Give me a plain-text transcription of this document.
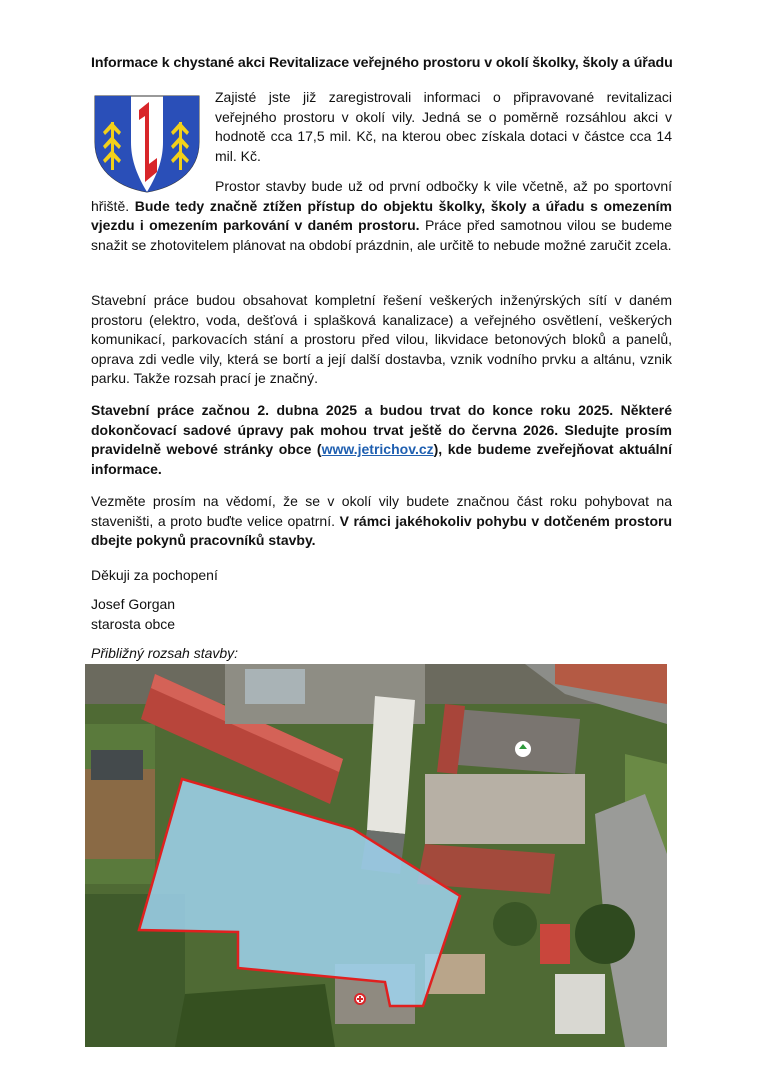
Informace k chystané akci Revitalizace veřejného prostoru v okolí školky, školy a úřadu

Zajisté jste již zaregistrovali informaci o připravované revitalizaci veřejného prostoru v okolí vily. Jedná se o poměrně rozsáhlou akci v hodnotě cca 17,5 mil. Kč, na kterou obec získala dotaci v částce cca 14 mil. Kč.

Prostor stavby bude už od první odbočky k vile včetně, až po sportovní hřiště. Bude tedy značně ztížen přístup do objektu školky, školy a úřadu s omezením vjezdu i omezením parkování v daném prostoru. Práce před samotnou vilou se budeme snažit se zhotovitelem plánovat na období prázdnin, ale určitě to nebude možné zaručit zcela.

Stavební práce budou obsahovat kompletní řešení veškerých inženýrských sítí v daném prostoru (elektro, voda, dešťová i splašková kanalizace) a veřejného osvětlení, veškerých komunikací, parkovacích stání a prostoru před vilou, likvidace betonových bloků a panelů, oprava zdi vedle vily, která se bortí a její další dostavba, vznik vodního prvku a altánu, vznik parku. Takže rozsah prací je značný.

Stavební práce začnou 2. dubna 2025 a budou trvat do konce roku 2025. Některé dokončovací sadové úpravy pak mohou trvat ještě do června 2026. Sledujte prosím pravidelně webové stránky obce (www.jetrichov.cz), kde budeme zveřejňovat aktuální informace.

Vezměte prosím na vědomí, že se v okolí vily budete značnou část roku pohybovat na staveništi, a proto buďte velice opatrní. V rámci jakéhokoliv pohybu v dotčeném prostoru dbejte pokynů pracovníků stavby.

Děkuji za pochopení

Josef Gorgan

starosta obce

Přibližný rozsah stavby:
